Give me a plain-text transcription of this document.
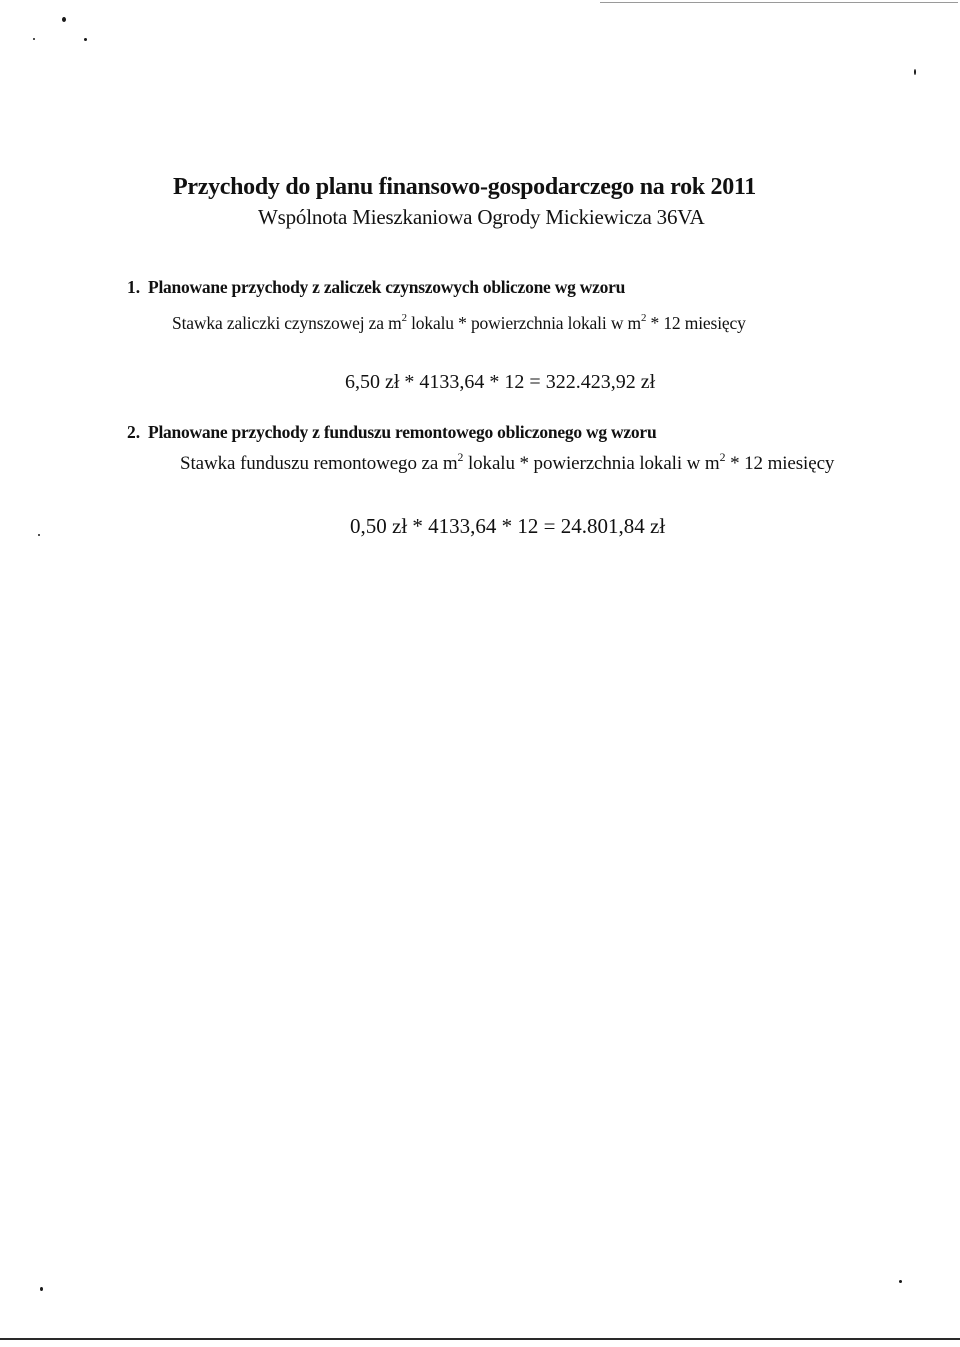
Przychody do planu finansowo-gospodarczego na rok 2011
Wspólnota Mieszkaniowa Ogrody Mickiewicza 36VA
1. Planowane przychody z zaliczek czynszowych obliczone wg wzoru
Stawka zaliczki czynszowej za $m^2$ lokalu * powierzchnia lokali w $m^2 * 12$ miesięcy
6,50 zł * 4133,64 * 12 = 322.423,92 zł
2. Planowane przychody z funduszu remontowego obliczonego wg wzoru
Stawka funduszu remontowego za $m^2$ lokalu * powierzchnia lokali w $m^2 * 12$ miesięcy
0,50 zł * 4133,64 * 12 = 24.801,84 zł
